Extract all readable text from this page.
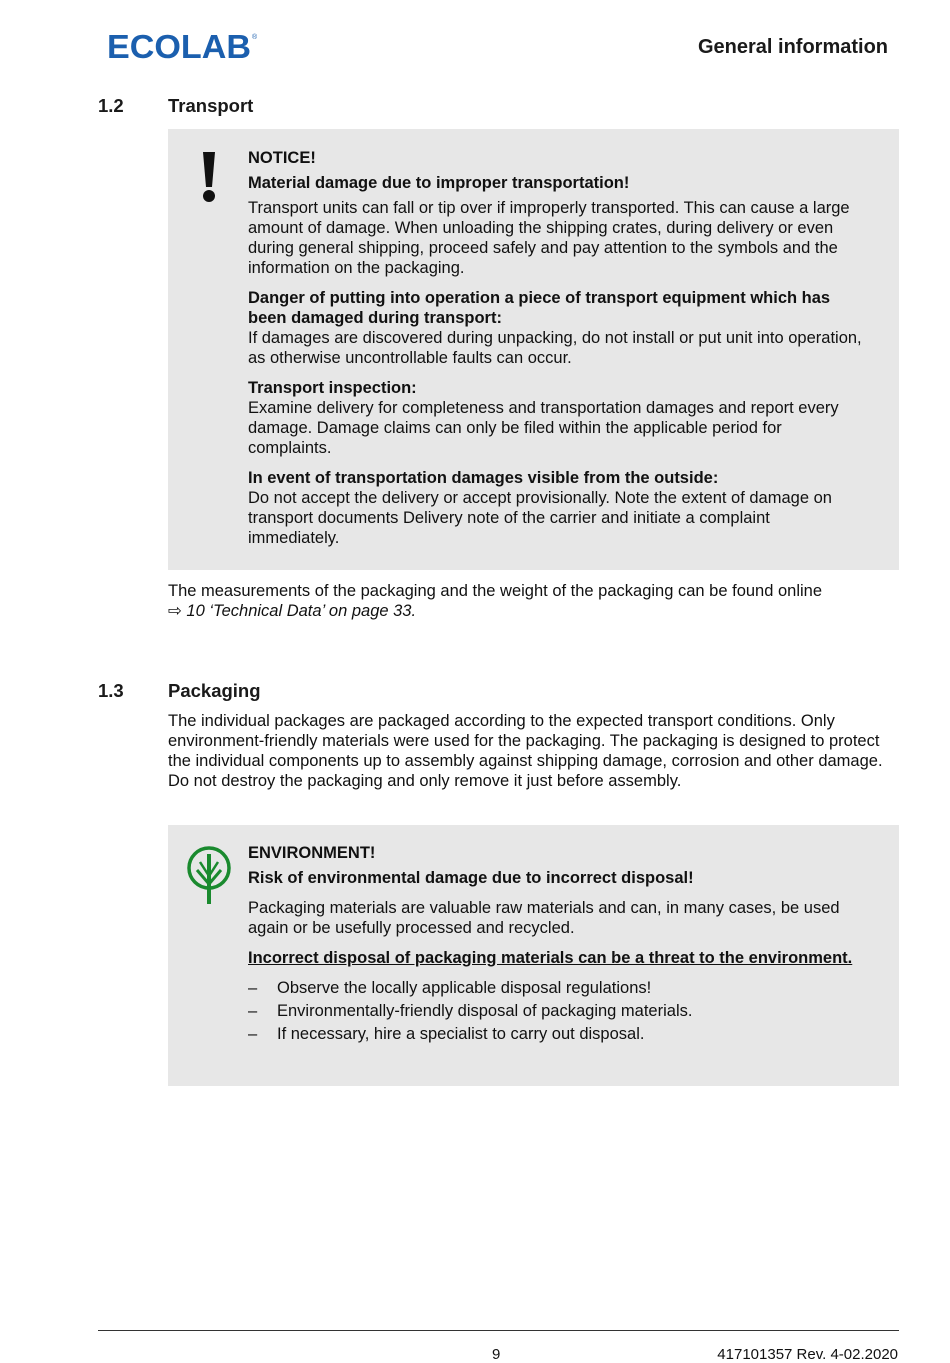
ECOLAB ®	General information
1.2 Transport

NOTICE!

Material damage due to improper transportation!

Transport units can fall or tip over if improperly transported. This can cause a large amount of damage. When unloading the shipping crates, during delivery or even during general shipping, proceed safely and pay attention to the symbols and the information on the packaging.

Danger of putting into operation a piece of transport equipment which has been damaged during transport:

If damages are discovered during unpacking, do not install or put unit into operation, as otherwise uncontrollable faults can occur.

Transport inspection:

Examine delivery for completeness and transportation damages and report every damage. Damage claims can only be filed within the applicable period for complaints.

In event of transportation damages visible from the outside:

Do not accept the delivery or accept provisionally. Note the extent of damage on transport documents Delivery note of the carrier and initiate a complaint immediately.

The measurements of the packaging and the weight of the packaging can be found online
⇨ 10 ‘Technical Data’ on page 33.

1.3 Packaging
The individual packages are packaged according to the expected transport conditions. Only environment-friendly materials were used for the packaging. The packaging is designed to protect the individual components up to assembly against shipping damage, corrosion and other damage. Do not destroy the packaging and only remove it just before assembly.

ENVIRONMENT!

Risk of environmental damage due to incorrect disposal!

Packaging materials are valuable raw materials and can, in many cases, be used again or be usefully processed and recycled.

Incorrect disposal of packaging materials can be a threat to the environment.

– Observe the locally applicable disposal regulations!
– Environmentally-friendly disposal of packaging materials.
– If necessary, hire a specialist to carry out disposal.
9	417101357 Rev. 4-02.2020
